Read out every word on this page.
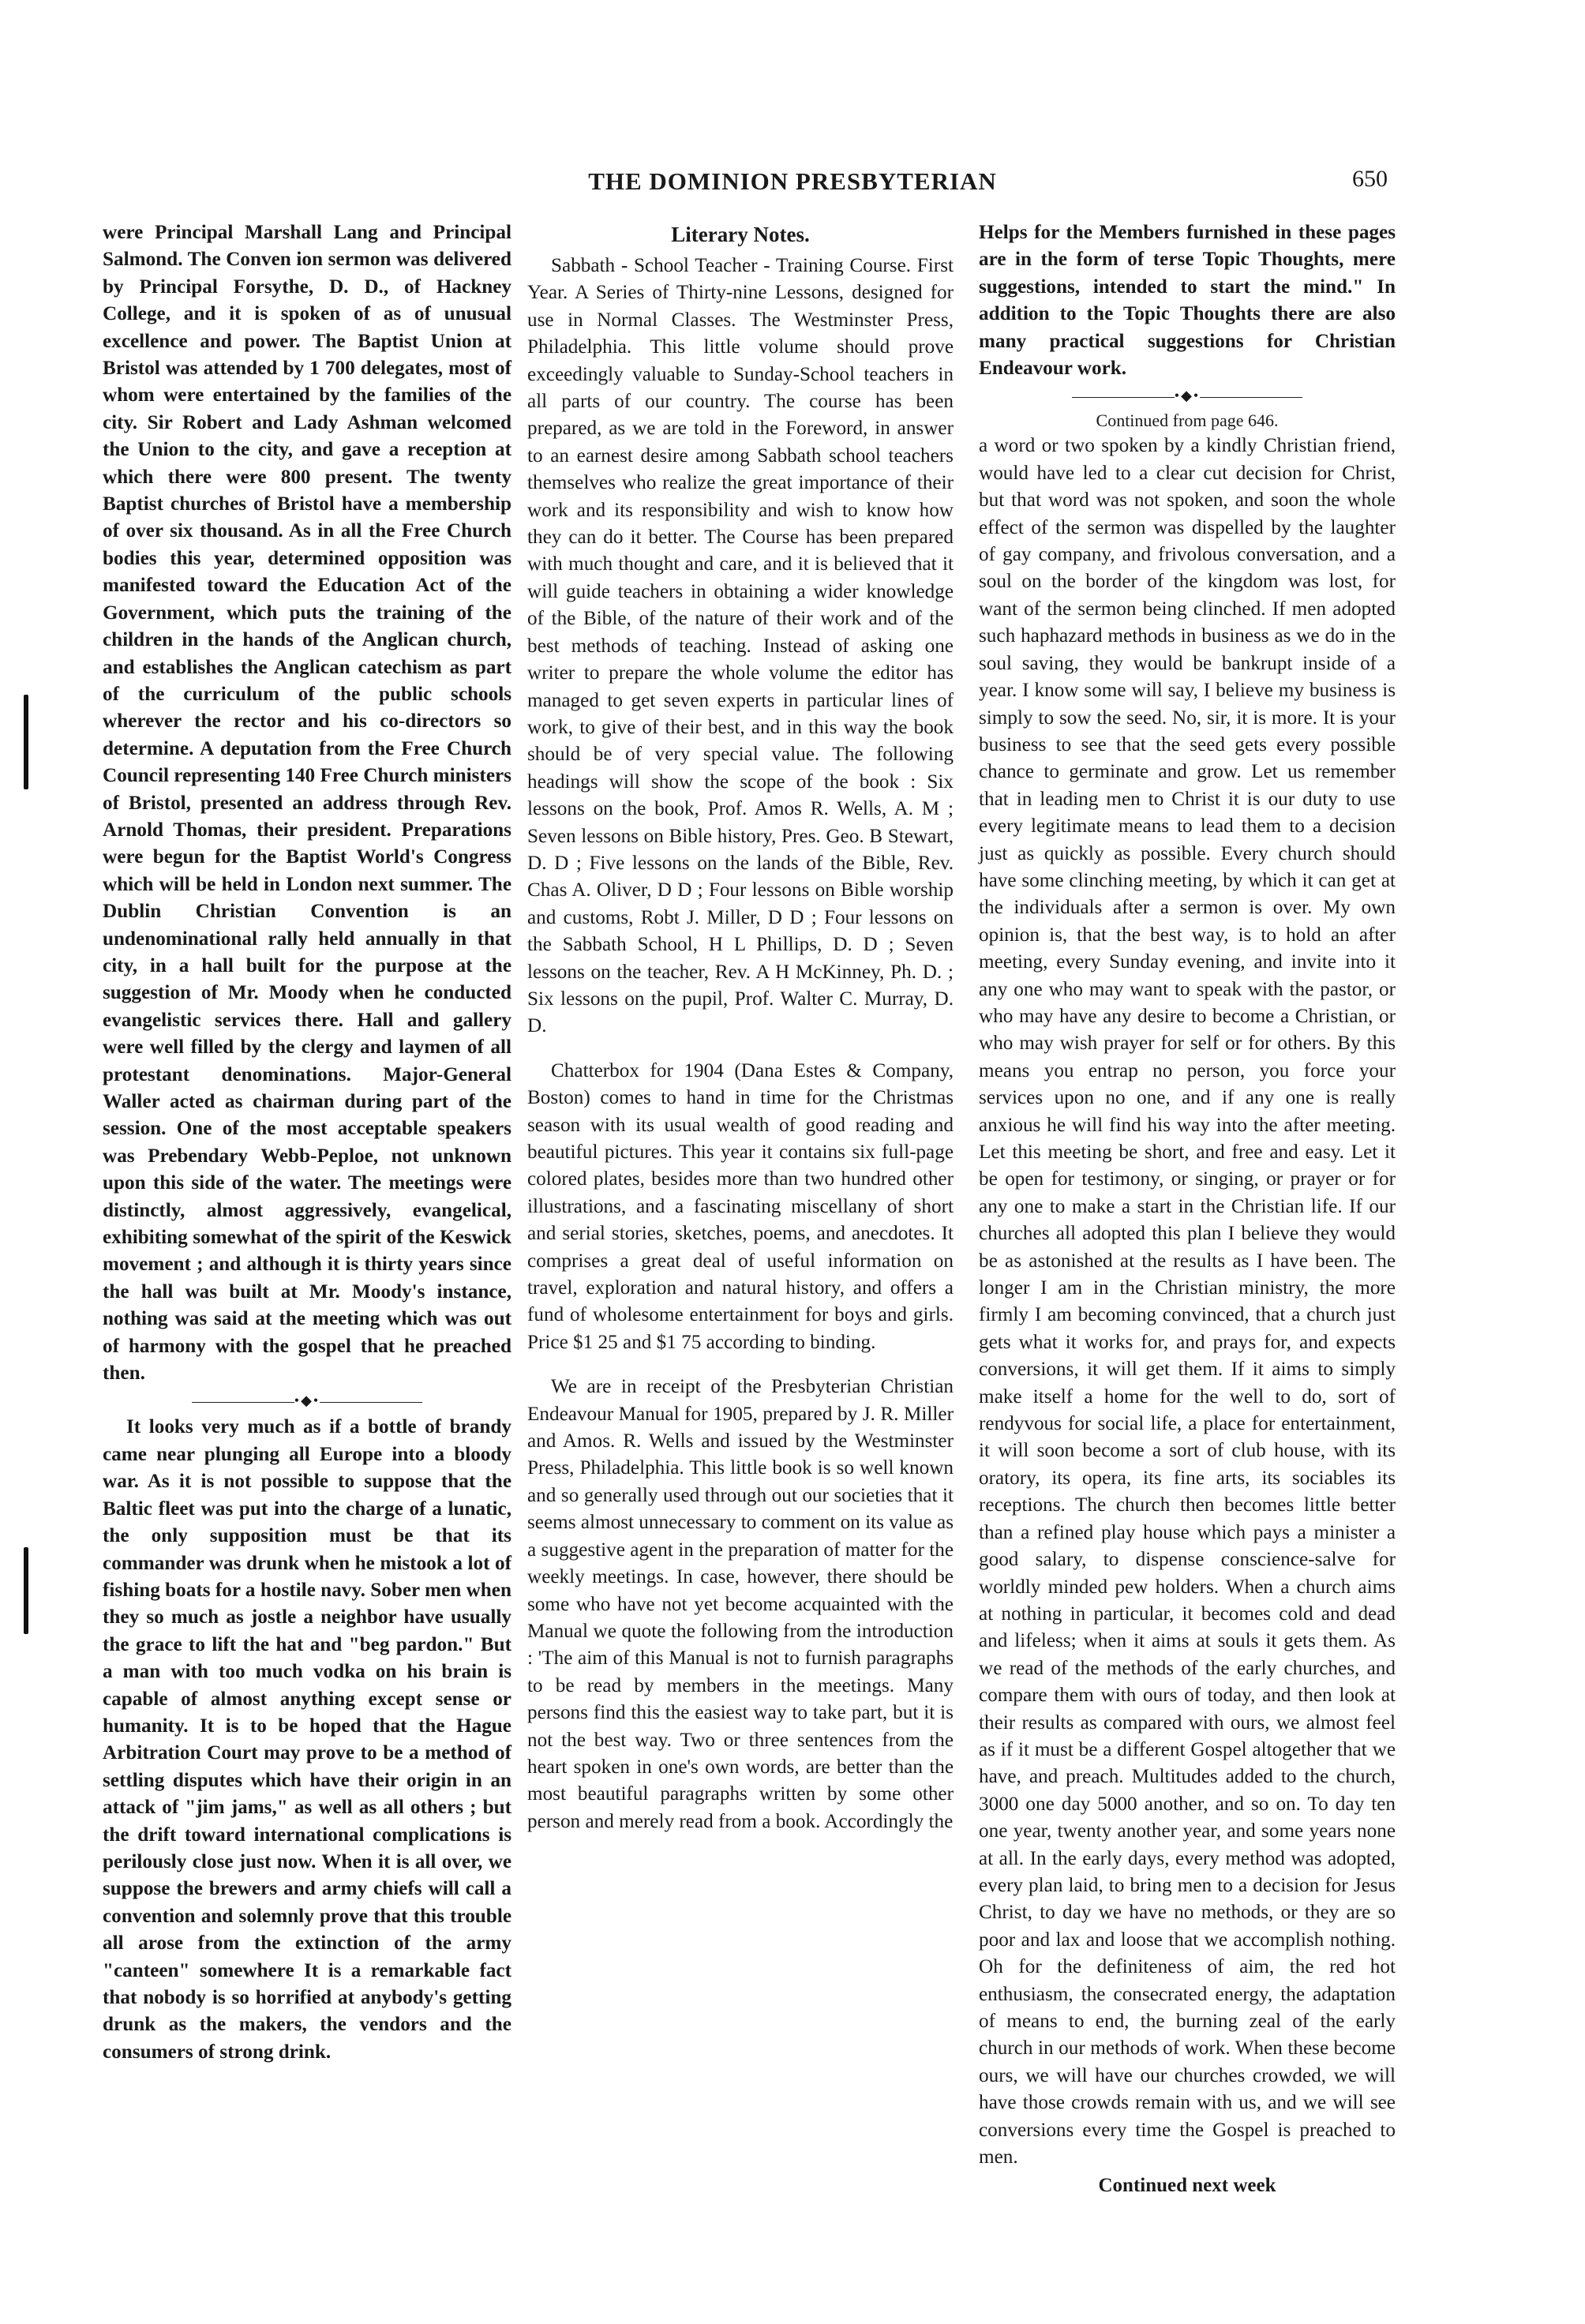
THE DOMINION PRESBYTERIAN	650

were Principal Marshall Lang and Principal Salmond. The Conven ion sermon was delivered by Principal Forsythe, D. D., of Hackney College, and it is spoken of as of unusual excellence and power. The Baptist Union at Bristol was attended by 1 700 delegates, most of whom were entertained by the families of the city. Sir Robert and Lady Ashman welcomed the Union to the city, and gave a reception at which there were 800 present. The twenty Baptist churches of Bristol have a membership of over six thousand. As in all the Free Church bodies this year, determined opposition was manifested toward the Education Act of the Government, which puts the training of the children in the hands of the Anglican church, and establishes the Anglican catechism as part of the curriculum of the public schools wherever the rector and his co-directors so determine. A deputation from the Free Church Council representing 140 Free Church ministers of Bristol, presented an address through Rev. Arnold Thomas, their president. Preparations were begun for the Baptist World's Congress which will be held in London next summer. The Dublin Christian Convention is an undenominational rally held annually in that city, in a hall built for the purpose at the suggestion of Mr. Moody when he conducted evangelistic services there. Hall and gallery were well filled by the clergy and laymen of all protestant denominations. Major-General Waller acted as chairman during part of the session. One of the most acceptable speakers was Prebendary Webb-Peploe, not unknown upon this side of the water. The meetings were distinctly, almost aggressively, evangelical, exhibiting somewhat of the spirit of the Keswick movement ; and although it is thirty years since the hall was built at Mr. Moody's instance, nothing was said at the meeting which was out of harmony with the gospel that he preached then.

•◆•

It looks very much as if a bottle of brandy came near plunging all Europe into a bloody war. As it is not possible to suppose that the Baltic fleet was put into the charge of a lunatic, the only supposition must be that its commander was drunk when he mistook a lot of fishing boats for a hostile navy. Sober men when they so much as jostle a neighbor have usually the grace to lift the hat and "beg pardon." But a man with too much vodka on his brain is capable of almost anything except sense or humanity. It is to be hoped that the Hague Arbitration Court may prove to be a method of settling disputes which have their origin in an attack of "jim jams," as well as all others ; but the drift toward international complications is perilously close just now. When it is all over, we suppose the brewers and army chiefs will call a convention and solemnly prove that this trouble all arose from the extinction of the army "canteen" somewhere It is a remarkable fact that nobody is so horrified at anybody's getting drunk as the makers, the vendors and the consumers of strong drink.

Literary Notes.

Sabbath - School Teacher - Training Course. First Year. A Series of Thirty-nine Lessons, designed for use in Normal Classes. The Westminster Press, Philadelphia. This little volume should prove exceedingly valuable to Sunday-School teachers in all parts of our country. The course has been prepared, as we are told in the Foreword, in answer to an earnest desire among Sabbath school teachers themselves who realize the great importance of their work and its responsibility and wish to know how they can do it better. The Course has been prepared with much thought and care, and it is believed that it will guide teachers in obtaining a wider knowledge of the Bible, of the nature of their work and of the best methods of teaching. Instead of asking one writer to prepare the whole volume the editor has managed to get seven experts in particular lines of work, to give of their best, and in this way the book should be of very special value. The following headings will show the scope of the book : Six lessons on the book, Prof. Amos R. Wells, A. M ; Seven lessons on Bible history, Pres. Geo. B Stewart, D. D ; Five lessons on the lands of the Bible, Rev. Chas A. Oliver, D D ; Four lessons on Bible worship and customs, Robt J. Miller, D D ; Four lessons on the Sabbath School, H L Phillips, D. D ; Seven lessons on the teacher, Rev. A H McKinney, Ph. D. ; Six lessons on the pupil, Prof. Walter C. Murray, D. D.

Chatterbox for 1904 (Dana Estes & Company, Boston) comes to hand in time for the Christmas season with its usual wealth of good reading and beautiful pictures. This year it contains six full-page colored plates, besides more than two hundred other illustrations, and a fascinating miscellany of short and serial stories, sketches, poems, and anecdotes. It comprises a great deal of useful information on travel, exploration and natural history, and offers a fund of wholesome entertainment for boys and girls. Price $1 25 and $1 75 according to binding.

We are in receipt of the Presbyterian Christian Endeavour Manual for 1905, prepared by J. R. Miller and Amos. R. Wells and issued by the Westminster Press, Philadelphia. This little book is so well known and so generally used through out our societies that it seems almost unnecessary to comment on its value as a suggestive agent in the preparation of matter for the weekly meetings. In case, however, there should be some who have not yet become acquainted with the Manual we quote the following from the introduction : 'The aim of this Manual is not to furnish paragraphs to be read by members in the meetings. Many persons find this the easiest way to take part, but it is not the best way. Two or three sentences from the heart spoken in one's own words, are better than the most beautiful paragraphs written by some other person and merely read from a book. Accordingly the

Helps for the Members furnished in these pages are in the form of terse Topic Thoughts, mere suggestions, intended to start the mind." In addition to the Topic Thoughts there are also many practical suggestions for Christian Endeavour work.

•◆•
Continued from page 646.

a word or two spoken by a kindly Christian friend, would have led to a clear cut decision for Christ, but that word was not spoken, and soon the whole effect of the sermon was dispelled by the laughter of gay company, and frivolous conversation, and a soul on the border of the kingdom was lost, for want of the sermon being clinched. If men adopted such haphazard methods in business as we do in the soul saving, they would be bankrupt inside of a year. I know some will say, I believe my business is simply to sow the seed. No, sir, it is more. It is your business to see that the seed gets every possible chance to germinate and grow. Let us remember that in leading men to Christ it is our duty to use every legitimate means to lead them to a decision just as quickly as possible. Every church should have some clinching meeting, by which it can get at the individuals after a sermon is over. My own opinion is, that the best way, is to hold an after meeting, every Sunday evening, and invite into it any one who may want to speak with the pastor, or who may have any desire to become a Christian, or who may wish prayer for self or for others. By this means you entrap no person, you force your services upon no one, and if any one is really anxious he will find his way into the after meeting. Let this meeting be short, and free and easy. Let it be open for testimony, or singing, or prayer or for any one to make a start in the Christian life. If our churches all adopted this plan I believe they would be as astonished at the results as I have been. The longer I am in the Christian ministry, the more firmly I am becoming convinced, that a church just gets what it works for, and prays for, and expects conversions, it will get them. If it aims to simply make itself a home for the well to do, sort of rendyvous for social life, a place for entertainment, it will soon become a sort of club house, with its oratory, its opera, its fine arts, its sociables its receptions. The church then becomes little better than a refined play house which pays a minister a good salary, to dispense conscience-salve for worldly minded pew holders. When a church aims at nothing in particular, it becomes cold and dead and lifeless; when it aims at souls it gets them. As we read of the methods of the early churches, and compare them with ours of today, and then look at their results as compared with ours, we almost feel as if it must be a different Gospel altogether that we have, and preach. Multitudes added to the church, 3000 one day 5000 another, and so on. To day ten one year, twenty another year, and some years none at all. In the early days, every method was adopted, every plan laid, to bring men to a decision for Jesus Christ, to day we have no methods, or they are so poor and lax and loose that we accomplish nothing. Oh for the definiteness of aim, the red hot enthusiasm, the consecrated energy, the adaptation of means to end, the burning zeal of the early church in our methods of work. When these become ours, we will have our churches crowded, we will have those crowds remain with us, and we will see conversions every time the Gospel is preached to men.

Continued next week
